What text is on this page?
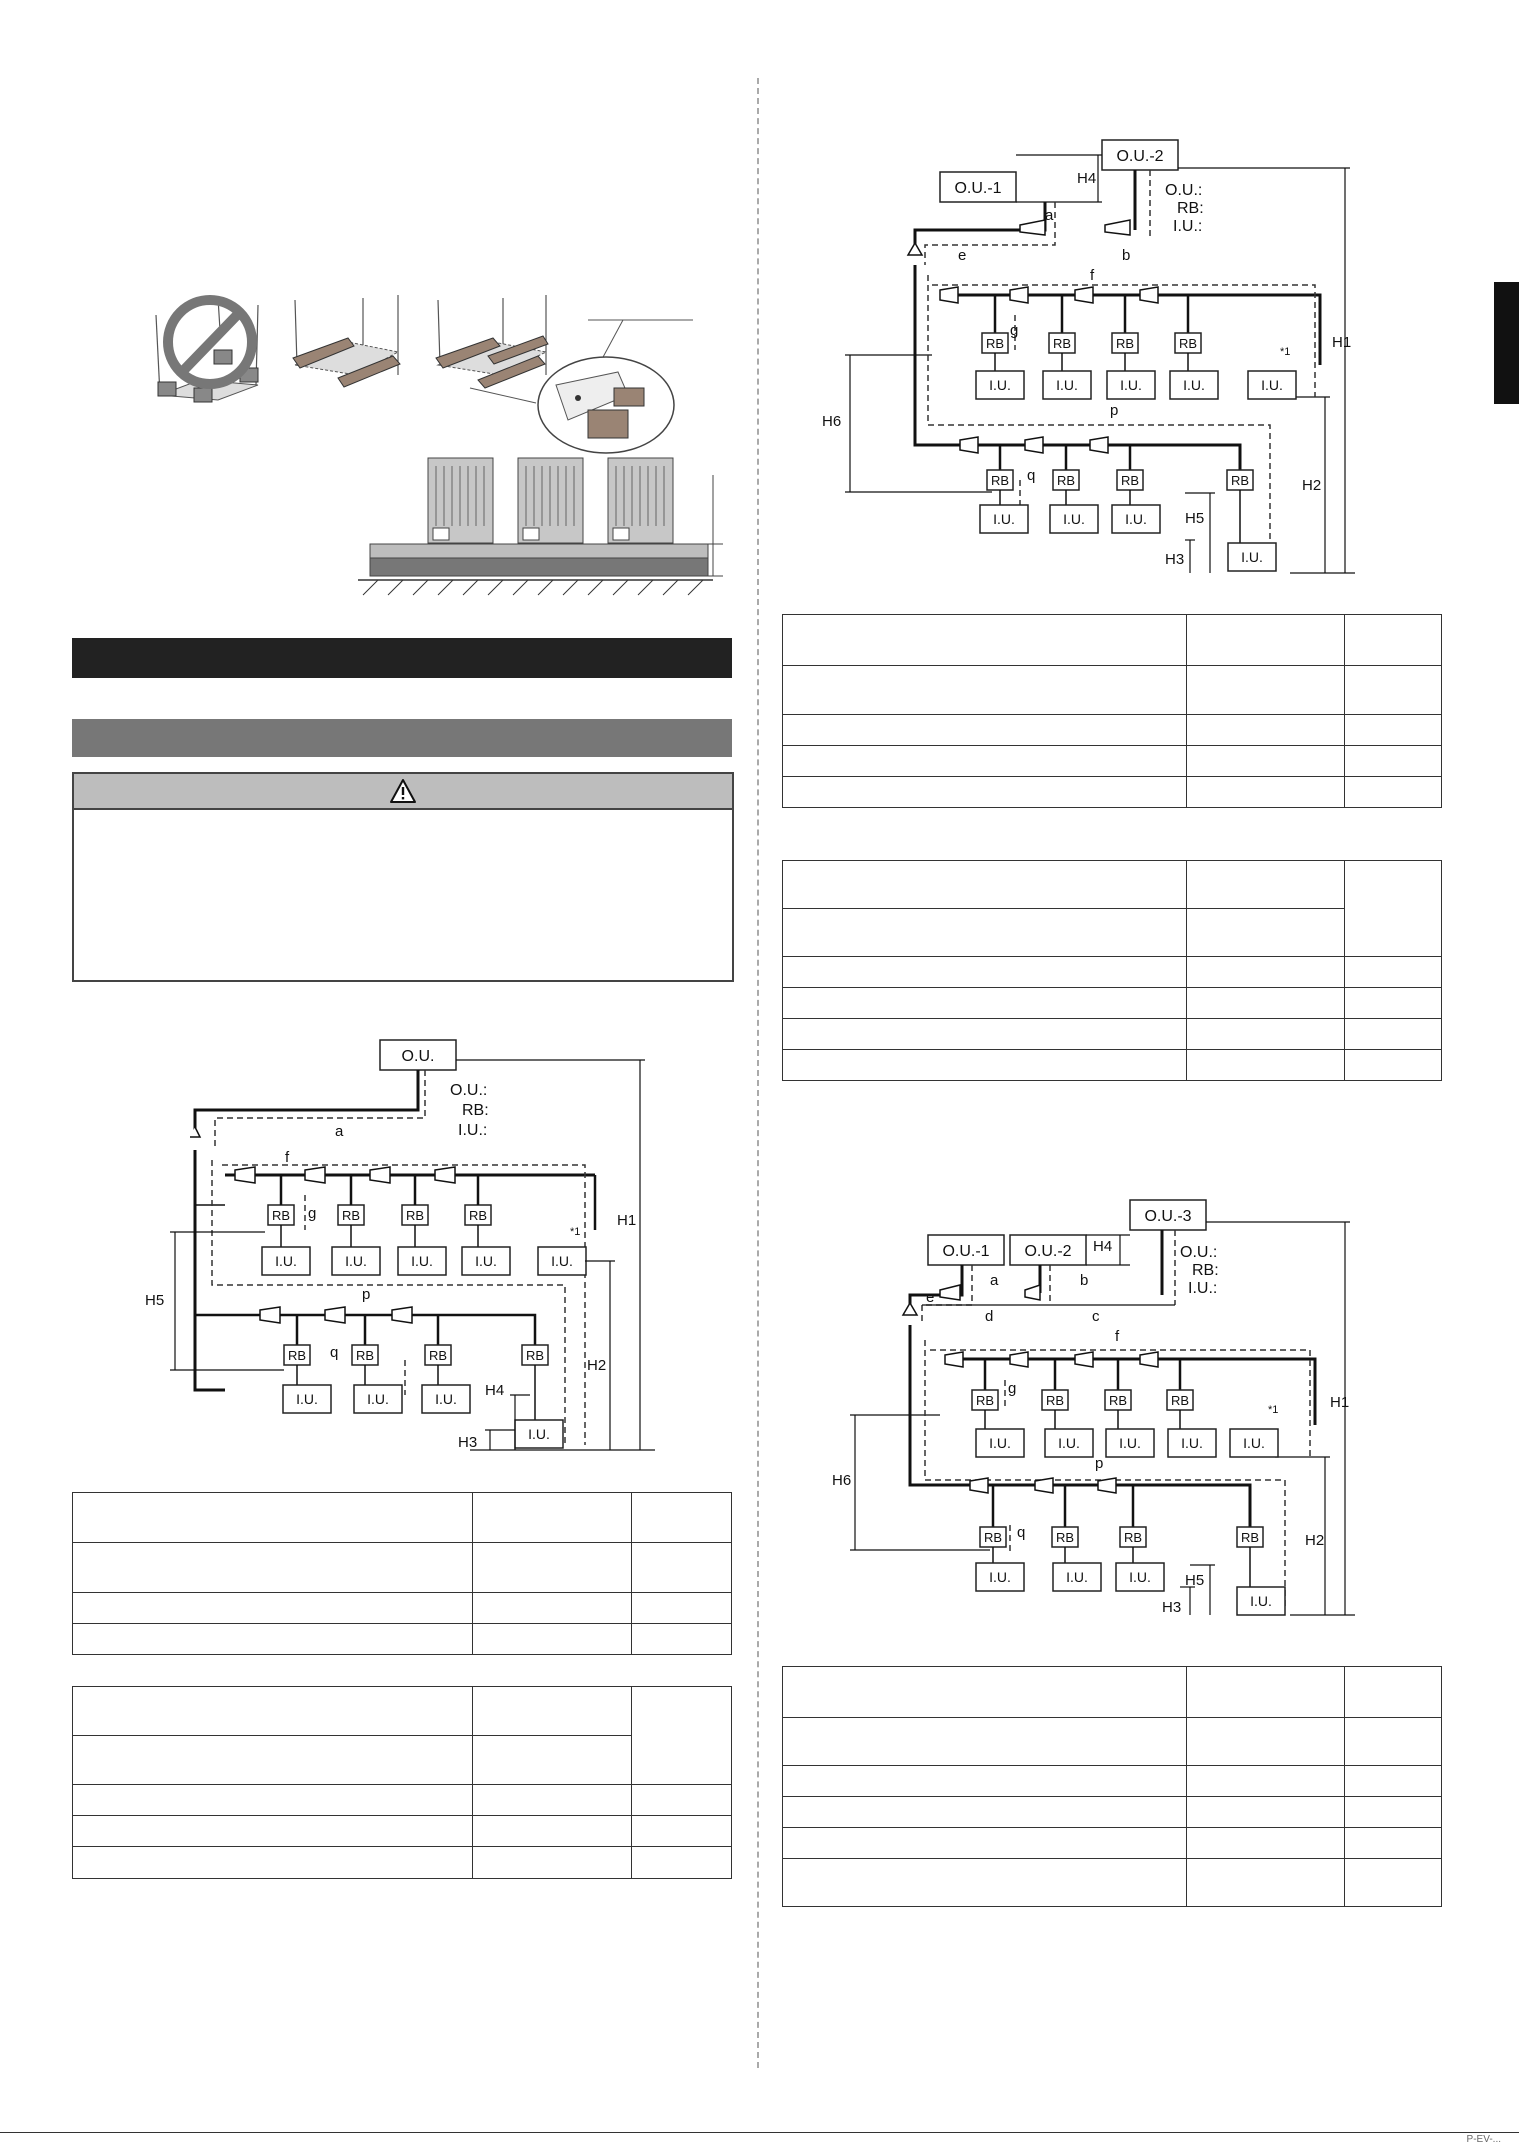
O.U.
O.U.:
RB:
I.U.:
a
f
g
p
q
*1
RB	RB	RB	RB
I.U.	I.U.	I.U.	I.U.	I.U.
RB	RB	RB	RB
I.U.	I.U.	I.U.
I.U.
H1
H2
H3
H4
H5

O.U.-1
O.U.-2
O.U.:
RB:
I.U.:
H4
H1
H2
H3
H5
H6
a
e	b
f
g
p
q
*1
RB	RB	RB	RB
RB	RB	RB	RB
I.U.	I.U.	I.U.	I.U.	I.U.
I.U.	I.U.	I.U.
I.U.

O.U.-1 O.U.-2
O.U.-3
O.U.:
RB:
I.U.:
H4
H1
H2
H3
H5
H6
a	b
e
d	c
f
g
p
q
*1
RB	RB	RB	RB
RB	RB	RB	RB
I.U.	I.U.	I.U.	I.U.	I.U.
I.U.	I.U.	I.U.
I.U.

P-EV-...
